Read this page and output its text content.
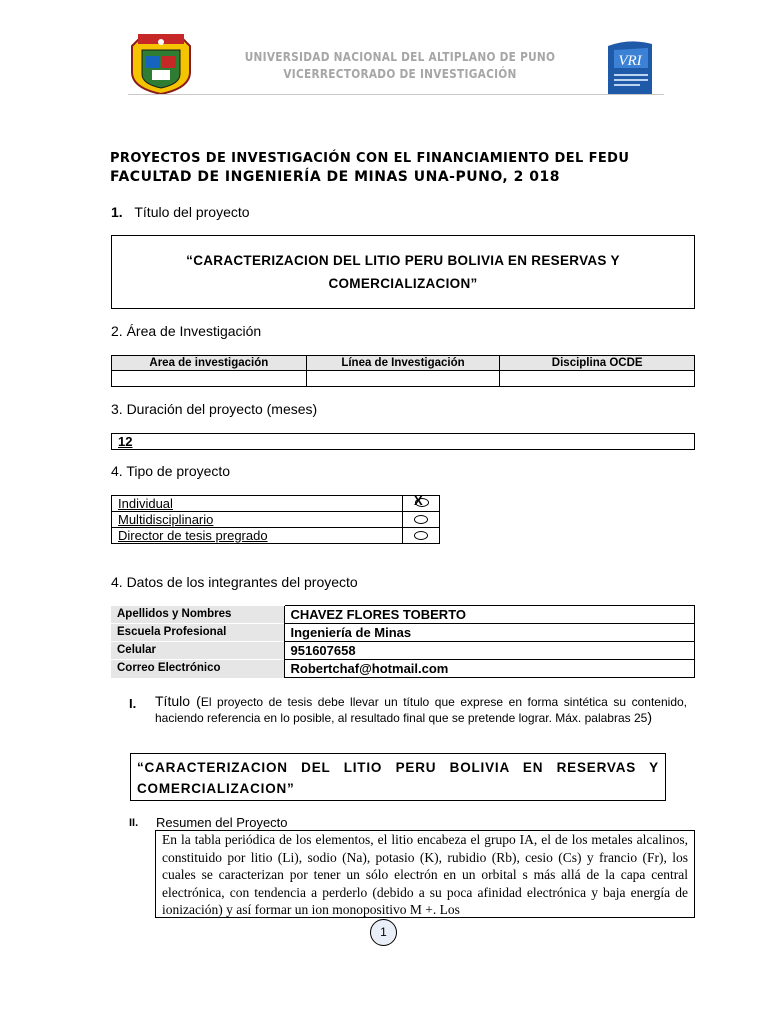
UNIVERSIDAD NACIONAL DEL ALTIPLANO DE PUNO
VICERRECTORADO DE INVESTIGACIÓN
VRI
PROYECTOS DE INVESTIGACIÓN CON EL FINANCIAMIENTO DEL FEDU
FACULTAD DE INGENIERÍA DE MINAS UNA-PUNO, 2 018
1. Título del proyecto
“CARACTERIZACION DEL LITIO PERU BOLIVIA EN RESERVAS Y COMERCIALIZACION”
2. Área de Investigación
Area de investigación	Línea de Investigación	Disciplina OCDE

3. Duración del proyecto (meses)
12
4. Tipo de proyecto
Individual	X

Multidisciplinario	
Director de tesis pregrado	
4. Datos de los integrantes del proyecto
Apellidos y Nombres	CHAVEZ FLORES TOBERTO
Escuela Profesional	Ingeniería de Minas
Celular	951607658
Correo Electrónico	Robertchaf@hotmail.com
I. Título (El proyecto de tesis debe llevar un título que exprese en forma sintética su contenido, haciendo referencia en lo posible, al resultado final que se pretende lograr. Máx. palabras 25)
“CARACTERIZACION DEL LITIO PERU BOLIVIA EN RESERVAS Y COMERCIALIZACION”
II. Resumen del Proyecto
En la tabla periódica de los elementos, el litio encabeza el grupo IA, el de los metales alcalinos, constituido por litio (Li), sodio (Na), potasio (K), rubidio (Rb), cesio (Cs) y francio (Fr), los cuales se caracterizan por tener un sólo electrón en un orbital s más allá de la capa central electrónica, con tendencia a perderlo (debido a su poca afinidad electrónica y baja energía de ionización) y así formar un ion monopositivo M +. Los
1
